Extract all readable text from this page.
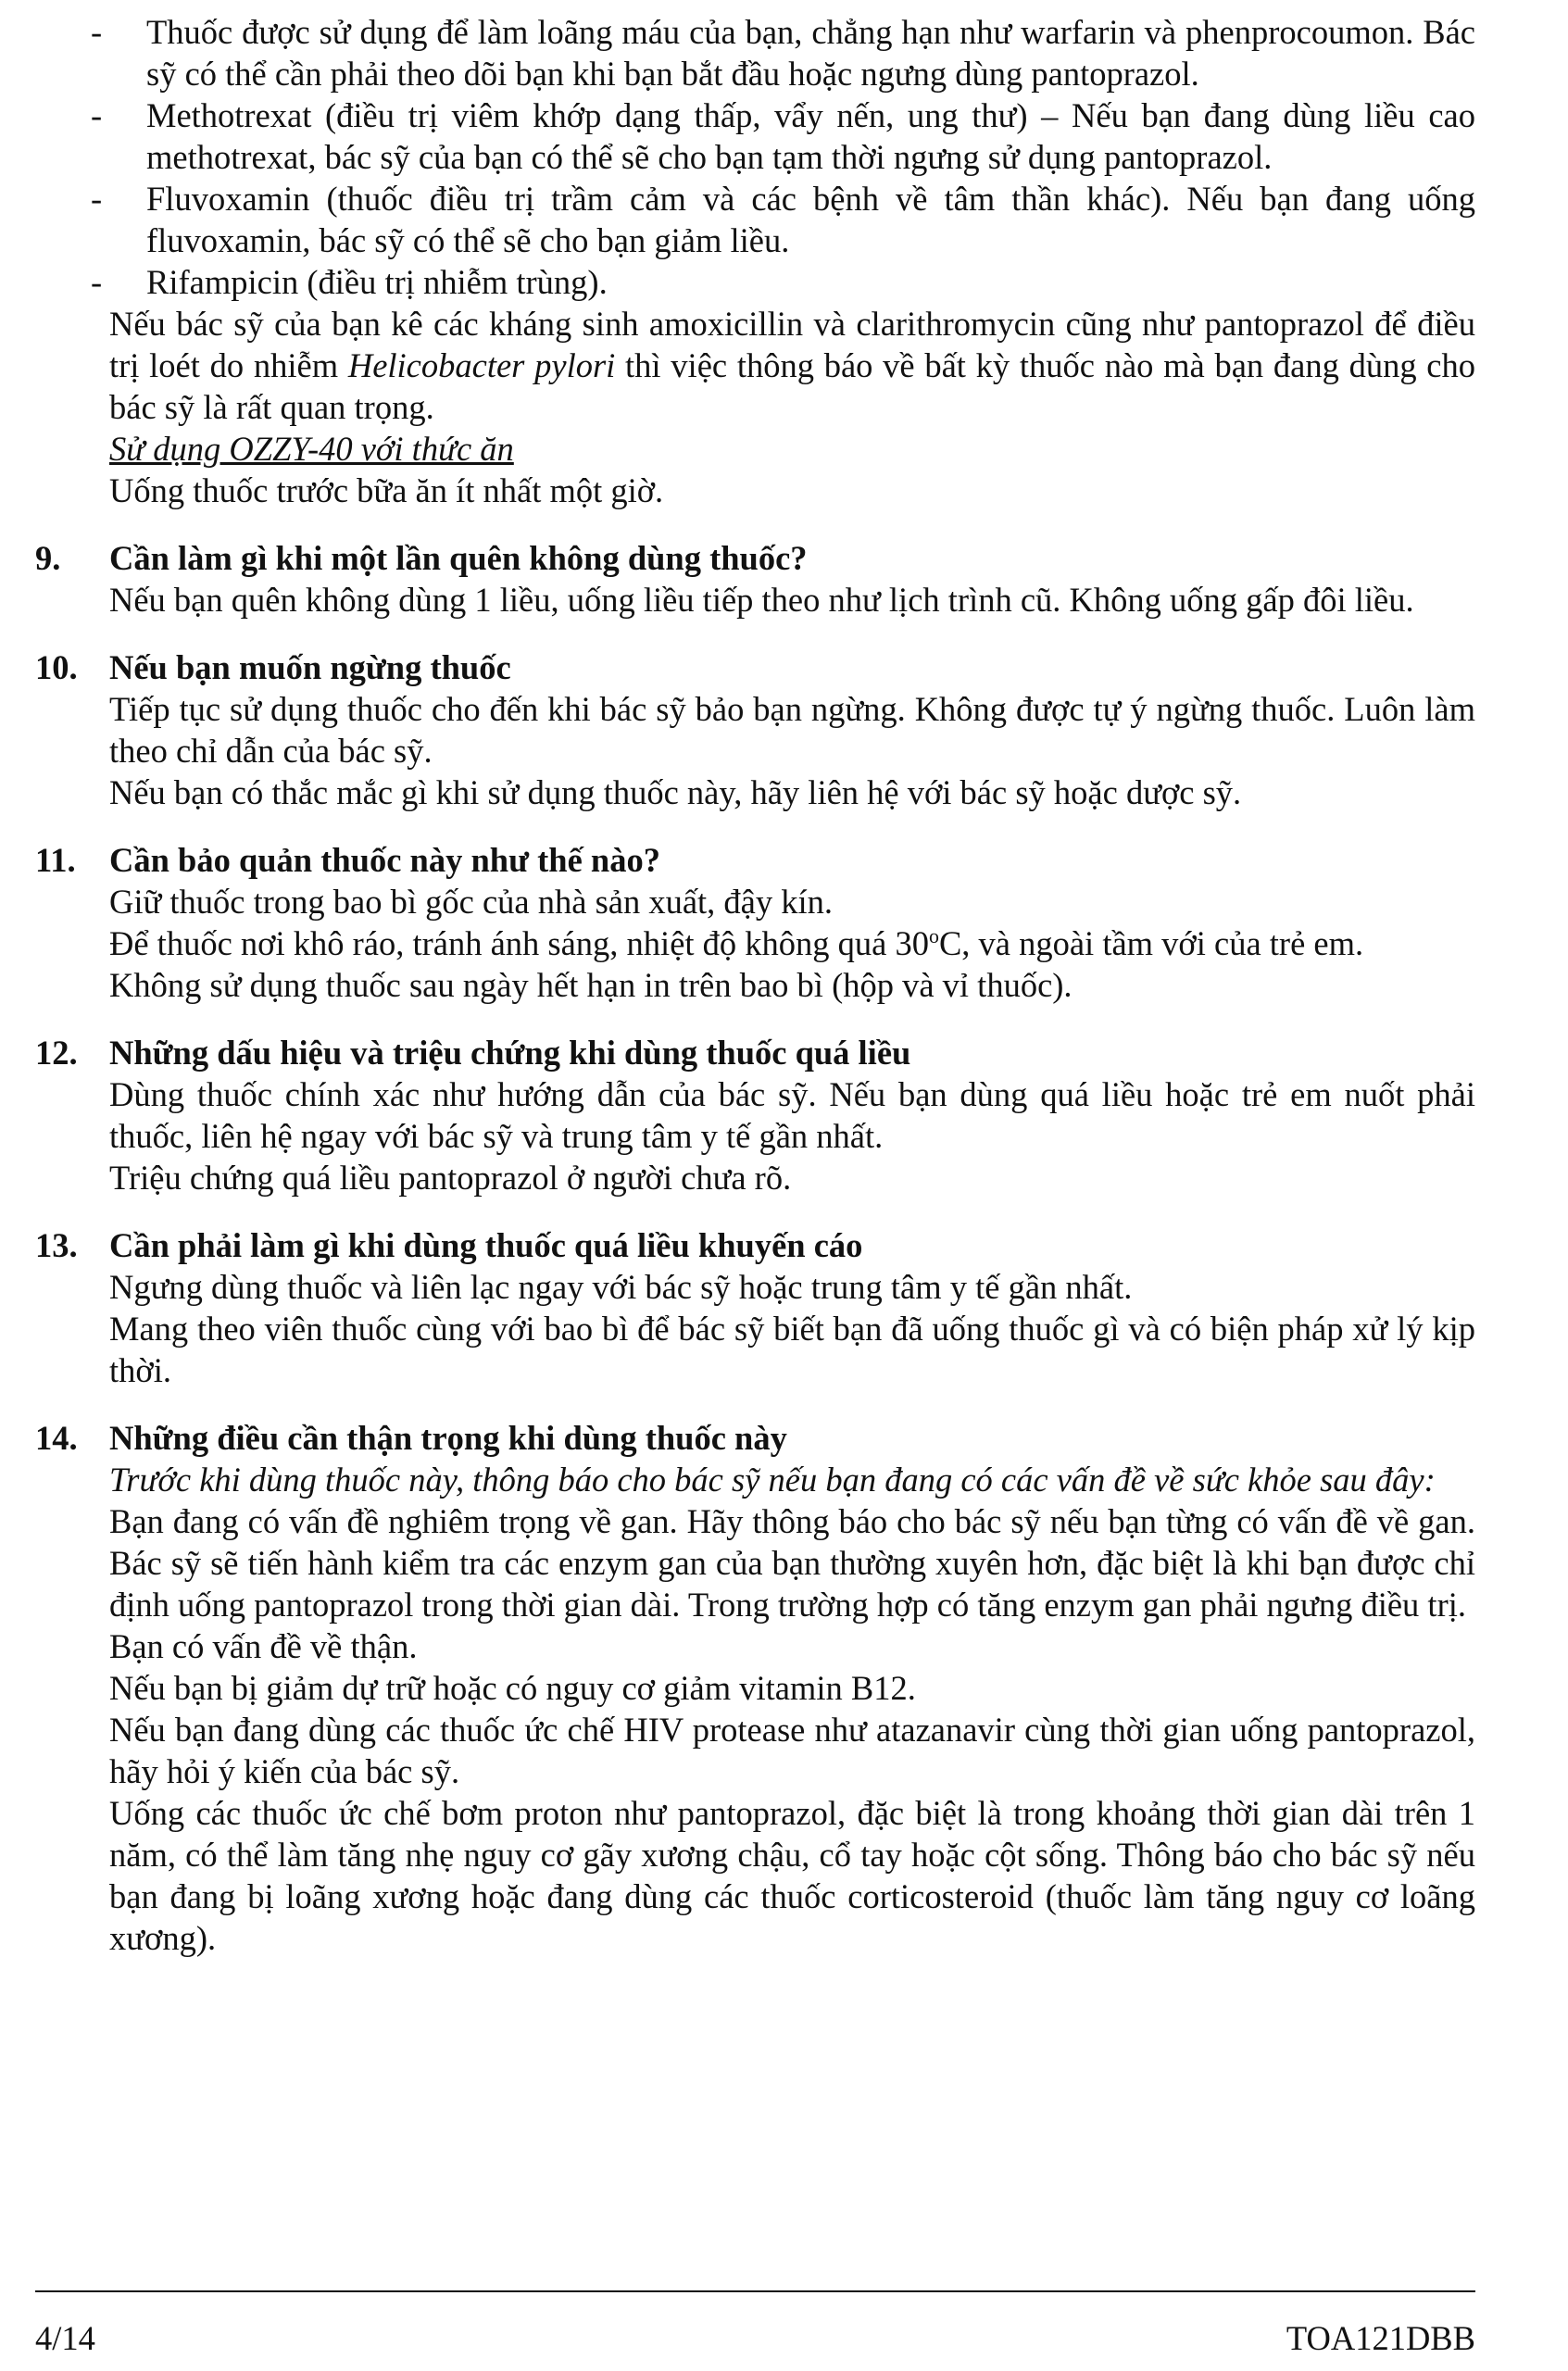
- Thuốc được sử dụng để làm loãng máu của bạn, chẳng hạn như warfarin và phenprocoumon. Bác sỹ có thể cần phải theo dõi bạn khi bạn bắt đầu hoặc ngưng dùng pantoprazol.

- Methotrexat (điều trị viêm khớp dạng thấp, vẩy nến, ung thư) – Nếu bạn đang dùng liều cao methotrexat, bác sỹ của bạn có thể sẽ cho bạn tạm thời ngưng sử dụng pantoprazol.

- Fluvoxamin (thuốc điều trị trầm cảm và các bệnh về tâm thần khác). Nếu bạn đang uống fluvoxamin, bác sỹ có thể sẽ cho bạn giảm liều.

- Rifampicin (điều trị nhiễm trùng).

Nếu bác sỹ của bạn kê các kháng sinh amoxicillin và clarithromycin cũng như pantoprazol để điều trị loét do nhiễm Helicobacter pylori thì việc thông báo về bất kỳ thuốc nào mà bạn đang dùng cho bác sỹ là rất quan trọng.

Sử dụng OZZY-40 với thức ăn

Uống thuốc trước bữa ăn ít nhất một giờ.

9.	Cần làm gì khi một lần quên không dùng thuốc?

Nếu bạn quên không dùng 1 liều, uống liều tiếp theo như lịch trình cũ. Không uống gấp đôi liều.

10. Nếu bạn muốn ngừng thuốc

Tiếp tục sử dụng thuốc cho đến khi bác sỹ bảo bạn ngừng. Không được tự ý ngừng thuốc. Luôn làm theo chỉ dẫn của bác sỹ.

Nếu bạn có thắc mắc gì khi sử dụng thuốc này, hãy liên hệ với bác sỹ hoặc dược sỹ.

11. Cần bảo quản thuốc này như thế nào?

Giữ thuốc trong bao bì gốc của nhà sản xuất, đậy kín.

Để thuốc nơi khô ráo, tránh ánh sáng, nhiệt độ không quá 30$^o$C, và ngoài tầm với của trẻ em.

Không sử dụng thuốc sau ngày hết hạn in trên bao bì (hộp và vỉ thuốc).

12. Những dấu hiệu và triệu chứng khi dùng thuốc quá liều

Dùng thuốc chính xác như hướng dẫn của bác sỹ. Nếu bạn dùng quá liều hoặc trẻ em nuốt phải thuốc, liên hệ ngay với bác sỹ và trung tâm y tế gần nhất.

Triệu chứng quá liều pantoprazol ở người chưa rõ.

13. Cần phải làm gì khi dùng thuốc quá liều khuyến cáo

Ngưng dùng thuốc và liên lạc ngay với bác sỹ hoặc trung tâm y tế gần nhất.

Mang theo viên thuốc cùng với bao bì để bác sỹ biết bạn đã uống thuốc gì và có biện pháp xử lý kịp thời.

14. Những điều cần thận trọng khi dùng thuốc này

Trước khi dùng thuốc này, thông báo cho bác sỹ nếu bạn đang có các vấn đề về sức khỏe sau đây:

Bạn đang có vấn đề nghiêm trọng về gan. Hãy thông báo cho bác sỹ nếu bạn từng có vấn đề về gan. Bác sỹ sẽ tiến hành kiểm tra các enzym gan của bạn thường xuyên hơn, đặc biệt là khi bạn được chỉ định uống pantoprazol trong thời gian dài. Trong trường hợp có tăng enzym gan phải ngưng điều trị.

Bạn có vấn đề về thận.

Nếu bạn bị giảm dự trữ hoặc có nguy cơ giảm vitamin B12.

Nếu bạn đang dùng các thuốc ức chế HIV protease như atazanavir cùng thời gian uống pantoprazol, hãy hỏi ý kiến của bác sỹ.

Uống các thuốc ức chế bơm proton như pantoprazol, đặc biệt là trong khoảng thời gian dài trên 1 năm, có thể làm tăng nhẹ nguy cơ gãy xương chậu, cổ tay hoặc cột sống. Thông báo cho bác sỹ nếu bạn đang bị loãng xương hoặc đang dùng các thuốc corticosteroid (thuốc làm tăng nguy cơ loãng xương).

4/14	TOA121DBB
